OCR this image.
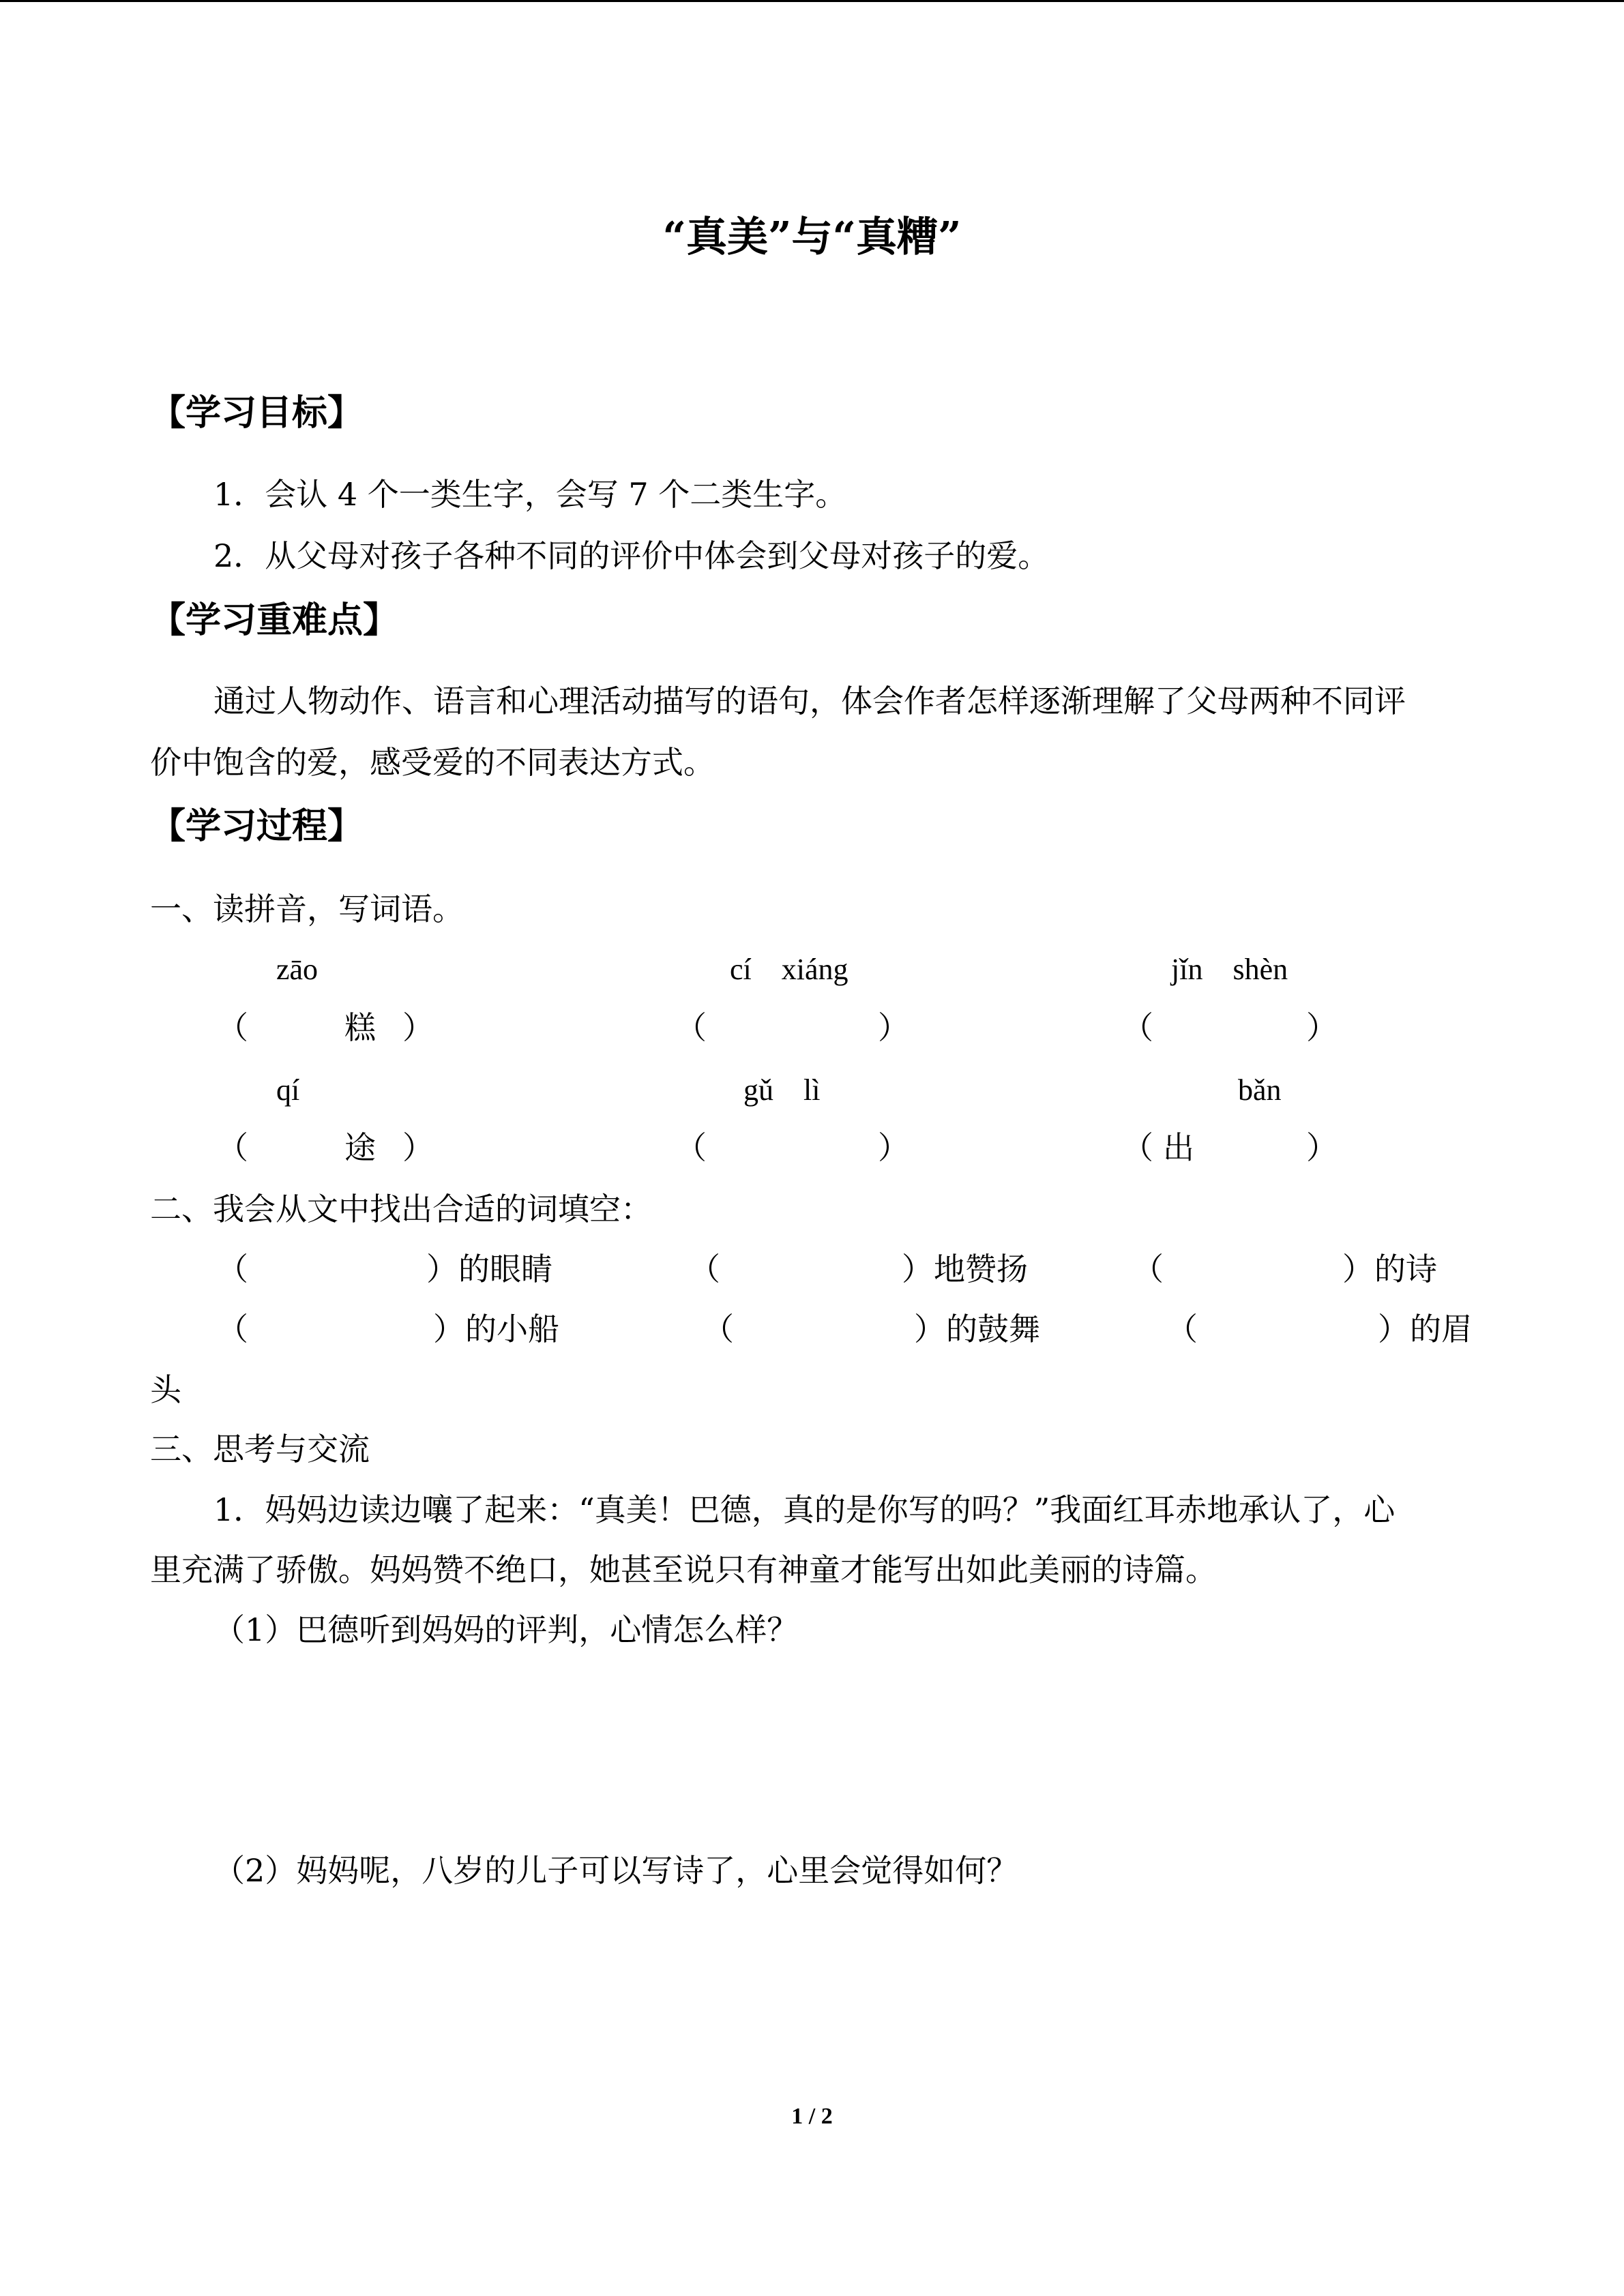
“真美”与“真糟”
【学习目标】
1．会认 4 个一类生字，会写 7 个二类生字。
2．从父母对孩子各种不同的评价中体会到父母对孩子的爱。
【学习重难点】
通过人物动作、语言和心理活动描写的语句，体会作者怎样逐渐理解了父母两种不同评
价中饱含的爱，感受爱的不同表达方式。
【学习过程】
一、读拼音，写词语。
zāo	cí　xiáng	jǐn　shèn
（	糕 ）	（	）	（	）
qí	gǔ　lì	bǎn
（	途 ）	（	）	（ 出	）
二、我会从文中找出合适的词填空：
（	） 的眼睛	（	） 地赞扬	（	） 的诗
（	） 的小船	（	） 的鼓舞	（	） 的眉
头
三、思考与交流
1．妈妈边读边嚷了起来：“真美！巴德，真的是你写的吗？”我面红耳赤地承认了，心
里充满了骄傲。妈妈赞不绝口，她甚至说只有神童才能写出如此美丽的诗篇。
（1）巴德听到妈妈的评判，心情怎么样？
（2）妈妈呢，八岁的儿子可以写诗了，心里会觉得如何？
1 / 2
